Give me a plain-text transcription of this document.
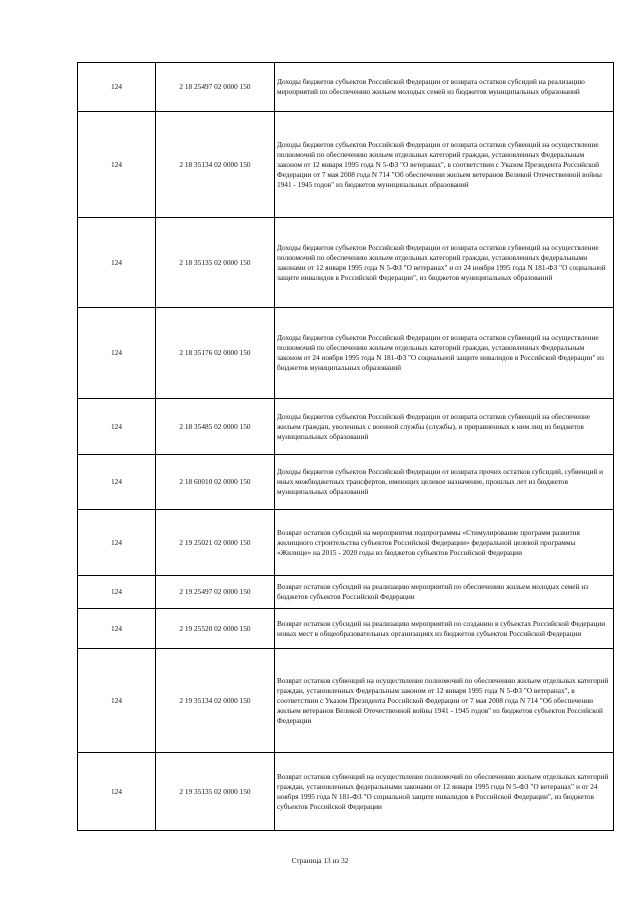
124	2 18 25497 02 0000 150	Доходы бюджетов субъектов Российской Федерации от возврата остатков субсидий на реализацию мероприятий по обеспечению жильем молодых семей из бюджетов муниципальных образований
124	2 18 35134 02 0000 150	Доходы бюджетов субъектов Российской Федерации от возврата остатков субвенций на осуществление полномочий по обеспечению жильем отдельных категорий граждан, установленных Федеральным законом от 12 января 1995 года N 5-ФЗ "О ветеранах", в соответствии с Указом Президента Российской Федерации от 7 мая 2008 года N 714 "Об обеспечении жильем ветеранов Великой Отечественной войны 1941 - 1945 годов" из бюджетов муниципальных образований
124	2 18 35135 02 0000 150	Доходы бюджетов субъектов Российской Федерации от возврата остатков субвенций на осуществление полномочий по обеспечению жильем отдельных категорий граждан, установленных федеральными законами от 12 января 1995 года N 5-ФЗ "О ветеранах" и от 24 ноября 1995 года N 181-ФЗ "О социальной защите инвалидов в Российской Федерации", из бюджетов муниципальных образований
124	2 18 35176 02 0000 150	Доходы бюджетов субъектов Российской Федерации от возврата остатков субвенций на осуществление полномочий по обеспечению жильем отдельных категорий граждан, установленных Федеральным законом от 24 ноября 1995 года N 181-ФЗ "О социальной защите инвалидов в Российской Федерации" из бюджетов муниципальных образований
124	2 18 35485 02 0000 150	Доходы бюджетов субъектов Российской Федерации от возврата остатков субвенций на обеспечение жильем граждан, уволенных с военной службы (службы), и приравненных к ним лиц из бюджетов муниципальных образований
124	2 18 60010 02 0000 150	Доходы бюджетов субъектов Российской Федерации от возврата прочих остатков субсидий, субвенций и иных межбюджетных трансфертов, имеющих целевое назначение, прошлых лет из бюджетов муниципальных образований
124	2 19 25021 02 0000 150	Возврат остатков субсидий на мероприятия подпрограммы «Стимулирование программ развития жилищного строительства субъектов Российской Федерации» федеральной целевой программы «Жилище» на 2015 - 2020 годы из бюджетов субъектов Российской Федерации
124	2 19 25497 02 0000 150	Возврат остатков субсидий на реализацию мероприятий по обеспечению жильем молодых семей из бюджетов субъектов Российской Федерации
124	2 19 25520 02 0000 150	Возврат остатков субсидий на реализацию мероприятий по созданию в субъектах Российской Федерации новых мест в общеобразовательных организациях из бюджетов субъектов Российской Федерации
124	2 19 35134 02 0000 150	Возврат остатков субвенций на осуществление полномочий по обеспечению жильем отдельных категорий граждан, установленных Федеральным законом от 12 января 1995 года N 5-ФЗ "О ветеранах", в соответствии с Указом Президента Российской Федерации от 7 мая 2008 года N 714 "Об обеспечении жильем ветеранов Великой Отечественной войны 1941 - 1945 годов" из бюджетов субъектов Российской Федерации
124	2 19 35135 02 0000 150	Возврат остатков субвенций на осуществление полномочий по обеспечению жильем отдельных категорий граждан, установленных федеральными законами от 12 января 1995 года N 5-ФЗ "О ветеранах" и от 24 ноября 1995 года N 181-ФЗ "О социальной защите инвалидов в Российской Федерации", из бюджетов субъектов Российской Федерации
Страница 13 из 32
